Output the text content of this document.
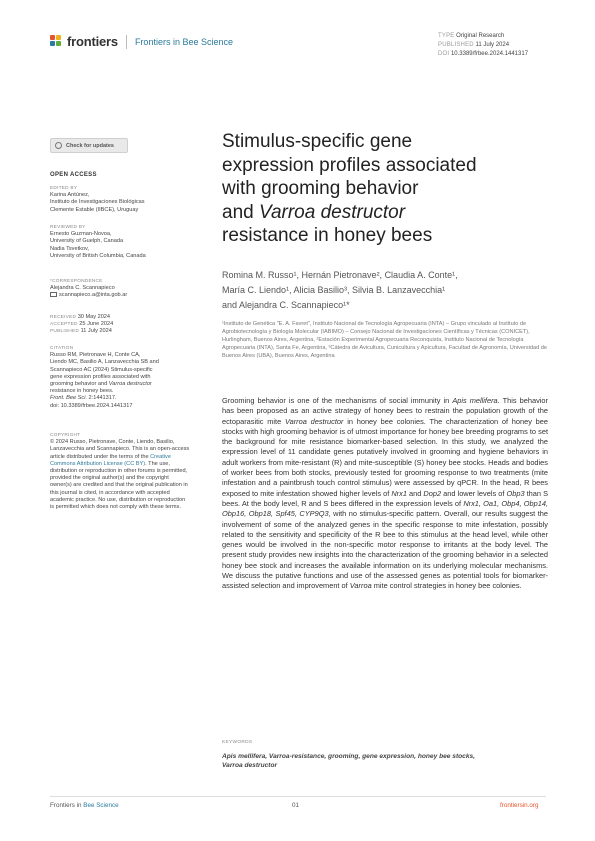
frontiers Frontiers in Bee Science
TYPE Original Research
PUBLISHED 11 July 2024
DOI 10.3389/frbee.2024.1441317
Check for updates
OPEN ACCESS
EDITED BY
Karina Antúnez,
Instituto de Investigaciones Biológicas
Clemente Estable (IIBCE), Uruguay
REVIEWED BY
Ernesto Guzman-Novoa,
University of Guelph, Canada
Nadia Tsvetkov,
University of British Columbia, Canada
*CORRESPONDENCE
Alejandra C. Scannapieco
scannapieco.a@inta.gob.ar
RECEIVED 30 May 2024
ACCEPTED 25 June 2024
PUBLISHED 11 July 2024
CITATION
Russo RM, Pietronave H, Conte CA,
Liendo MC, Basilio A, Lanzavecchia SB and
Scannapieco AC (2024) Stimulus-specific
gene expression profiles associated with
grooming behavior and Varroa destructor
resistance in honey bees.
Front. Bee Sci. 2:1441317.
doi: 10.3389/frbee.2024.1441317
COPYRIGHT
© 2024 Russo, Pietronave, Conte, Liendo, Basilio, Lanzavecchia and Scannapieco. This is an open-access article distributed under the terms of the Creative Commons Attribution License (CC BY). The use, distribution or reproduction in other forums is permitted, provided the original author(s) and the copyright owner(s) are credited and that the original publication in this journal is cited, in accordance with accepted academic practice. No use, distribution or reproduction is permitted which does not comply with these terms.
Stimulus-specific gene
expression profiles associated
with grooming behavior
and Varroa destructor
resistance in honey bees
Romina M. Russo¹, Hernán Pietronave², Claudia A. Conte¹,
María C. Liendo¹, Alicia Basilio³, Silvia B. Lanzavecchia¹
and Alejandra C. Scannapieco¹*
¹Instituto de Genética "E. A. Favret", Instituto Nacional de Tecnología Agropecuaria (INTA) – Grupo vinculado al Instituto de Agrobiotecnología y Biología Molecular (IABIMO) – Consejo Nacional de Investigaciones Científicas y Técnicas (CONICET), Hurlingham, Buenos Aires, Argentina, ²Estación Experimental Agropecuaria Reconquista, Instituto Nacional de Tecnología Agropecuaria (INTA), Santa Fe, Argentina, ³Cátedra de Avicultura, Cunicultura y Apicultura, Facultad de Agronomía, Universidad de Buenos Aires (UBA), Buenos Aires, Argentina
Grooming behavior is one of the mechanisms of social immunity in Apis mellifera. This behavior has been proposed as an active strategy of honey bees to restrain the population growth of the ectoparasitic mite Varroa destructor in honey bee colonies. The characterization of honey bee stocks with high grooming behavior is of utmost importance for honey bee breeding programs to set the background for mite resistance biomarker-based selection. In this study, we analyzed the expression level of 11 candidate genes putatively involved in grooming and hygiene behaviors in adult workers from mite-resistant (R) and mite-susceptible (S) honey bee stocks. Heads and bodies of worker bees from both stocks, previously tested for grooming response to two treatments (mite infestation and a paintbrush touch control stimulus) were assessed by qPCR. In the head, R bees exposed to mite infestation showed higher levels of Nrx1 and Dop2 and lower levels of Obp3 than S bees. At the body level, R and S bees differed in the expression levels of Nrx1, Oa1, Obp4, Obp14, Obp16, Obp18, Spf45, CYP9Q3, with no stimulus-specific pattern. Overall, our results suggest the involvement of some of the analyzed genes in the specific response to mite infestation, possibly related to the sensitivity and specificity of the R bee to this stimulus at the head level, while other genes would be involved in the non-specific motor response to irritants at the body level. The present study provides new insights into the characterization of the grooming behavior in a selected honey bee stock and increases the available information on its underlying molecular mechanisms. We discuss the putative functions and use of the assessed genes as potential tools for biomarker-assisted selection and improvement of Varroa mite control strategies in honey bee colonies.
KEYWORDS
Apis mellifera, Varroa-resistance, grooming, gene expression, honey bee stocks,
Varroa destructor
Frontiers in Bee Science	01	frontiersin.org
